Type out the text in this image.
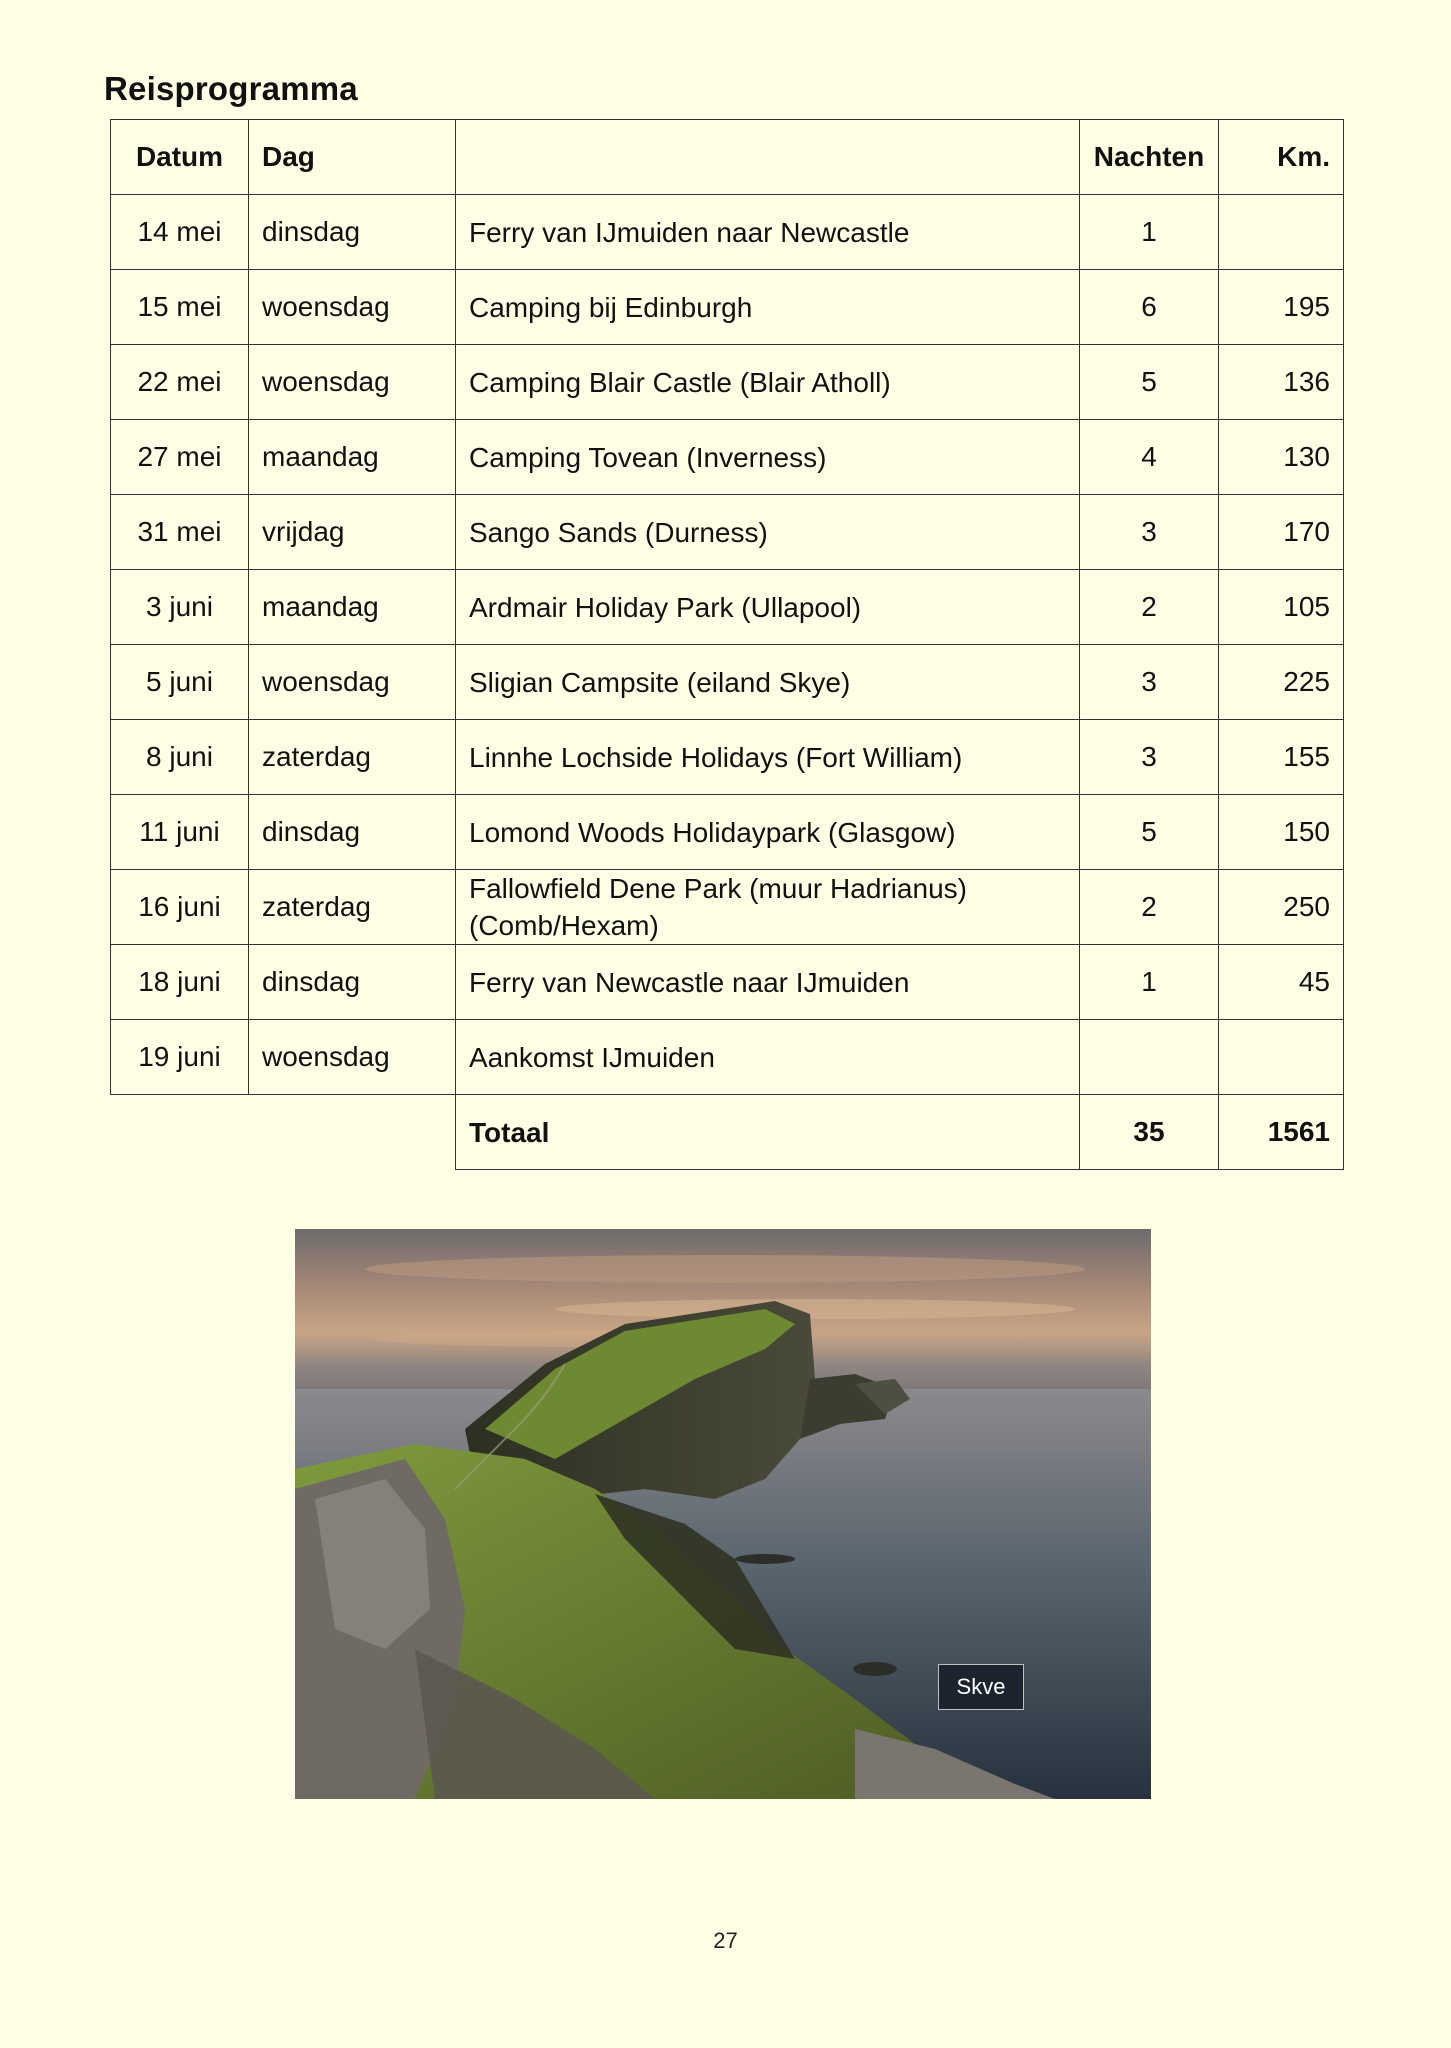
Reisprogramma
Datum	Dag		Nachten	Km.
14 mei	dinsdag	Ferry van IJmuiden naar Newcastle	1	
15 mei	woensdag	Camping bij Edinburgh	6	195
22 mei	woensdag	Camping Blair Castle (Blair Atholl)	5	136
27 mei	maandag	Camping Tovean (Inverness)	4	130
31 mei	vrijdag	Sango Sands (Durness)	3	170
3 juni	maandag	Ardmair Holiday Park (Ullapool)	2	105
5 juni	woensdag	Sligian Campsite (eiland Skye)	3	225
8 juni	zaterdag	Linnhe Lochside Holidays (Fort William)	3	155
11 juni	dinsdag	Lomond Woods Holidaypark (Glasgow)	5	150
16 juni	zaterdag	Fallowfield Dene Park (muur Hadrianus) (Comb/Hexam)	2	250
18 juni	dinsdag	Ferry van Newcastle naar IJmuiden	1	45
19 juni	woensdag	Aankomst IJmuiden		
		Totaal	35	1561
Skve
27
